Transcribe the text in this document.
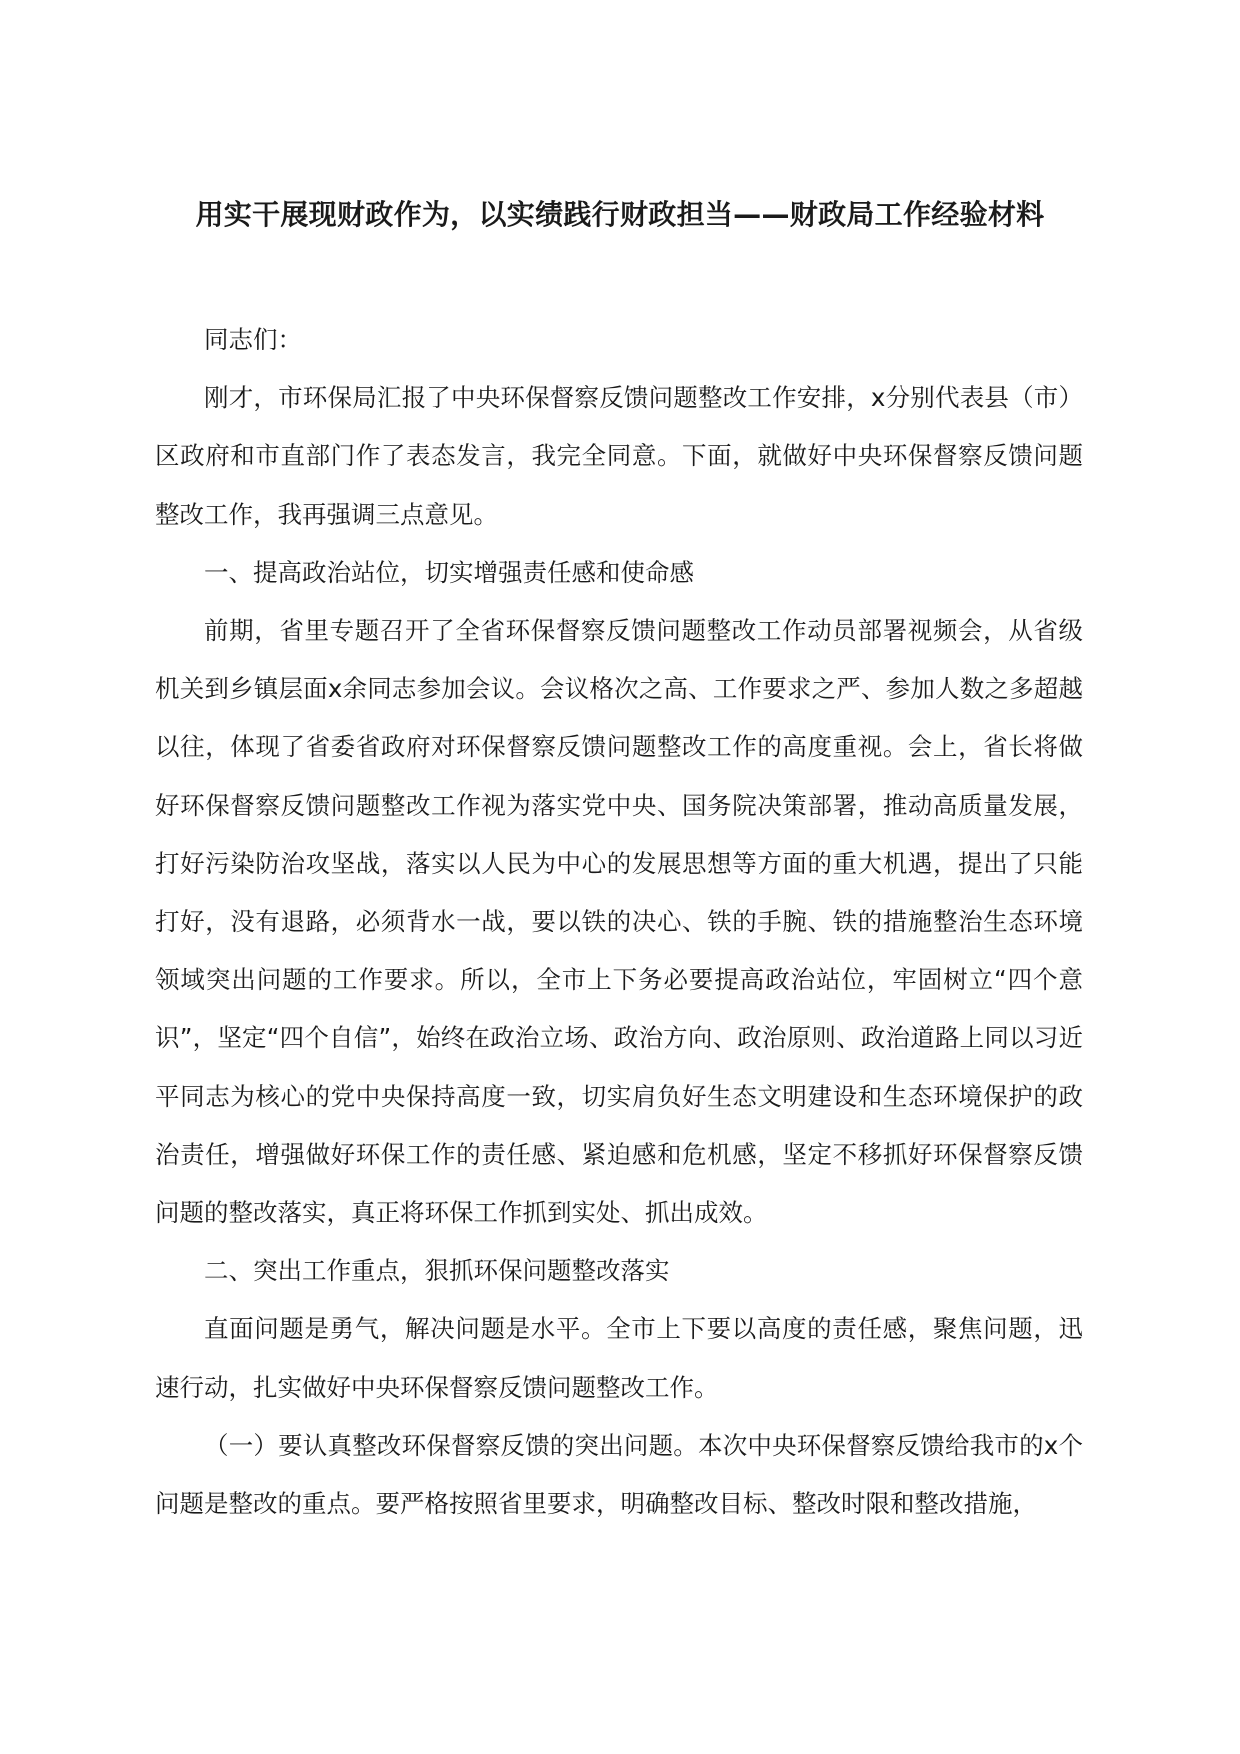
用实干展现财政作为，以实绩践行财政担当——财政局工作经验材料

同志们：

刚才，市环保局汇报了中央环保督察反馈问题整改工作安排，x分别代表县（市）区政府和市直部门作了表态发言，我完全同意。下面，就做好中央环保督察反馈问题整改工作，我再强调三点意见。

一、提高政治站位，切实增强责任感和使命感

前期，省里专题召开了全省环保督察反馈问题整改工作动员部署视频会，从省级机关到乡镇层面x余同志参加会议。会议格次之高、工作要求之严、参加人数之多超越以往，体现了省委省政府对环保督察反馈问题整改工作的高度重视。会上，省长将做好环保督察反馈问题整改工作视为落实党中央、国务院决策部署，推动高质量发展，打好污染防治攻坚战，落实以人民为中心的发展思想等方面的重大机遇，提出了只能打好，没有退路，必须背水一战，要以铁的决心、铁的手腕、铁的措施整治生态环境领域突出问题的工作要求。所以，全市上下务必要提高政治站位，牢固树立“四个意识”，坚定“四个自信”，始终在政治立场、政治方向、政治原则、政治道路上同以习近平同志为核心的党中央保持高度一致，切实肩负好生态文明建设和生态环境保护的政治责任，增强做好环保工作的责任感、紧迫感和危机感，坚定不移抓好环保督察反馈问题的整改落实，真正将环保工作抓到实处、抓出成效。

二、突出工作重点，狠抓环保问题整改落实

直面问题是勇气，解决问题是水平。全市上下要以高度的责任感，聚焦问题，迅速行动，扎实做好中央环保督察反馈问题整改工作。

（一）要认真整改环保督察反馈的突出问题。本次中央环保督察反馈给我市的x个问题是整改的重点。要严格按照省里要求，明确整改目标、整改时限和整改措施，
